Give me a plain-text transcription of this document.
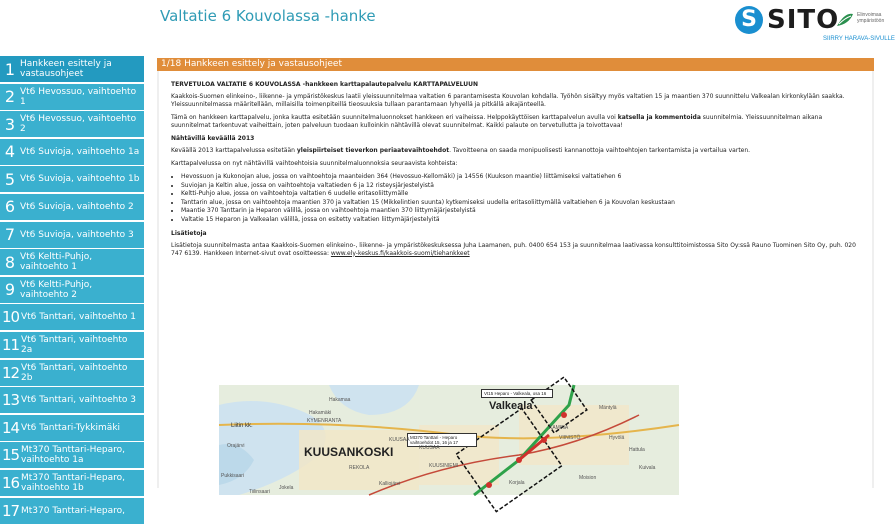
Valtatie 6 Kouvolassa -hanke	S SITO	Elinvoimaa ympäristöön
SIIRRY HARAVA-SIVULLE
1 Hankkeen esittely ja vastausohjeet
2 Vt6 Hevossuo, vaihtoehto 1
3 Vt6 Hevossuo, vaihtoehto 2
4 Vt6 Suvioja, vaihtoehto 1a
5 Vt6 Suvioja, vaihtoehto 1b
6 Vt6 Suvioja, vaihtoehto 2
7 Vt6 Suvioja, vaihtoehto 3
8 Vt6 Keltti-Puhjo, vaihtoehto 1
9 Vt6 Keltti-Puhjo, vaihtoehto 2
10 Vt6 Tanttari, vaihtoehto 1
11 Vt6 Tanttari, vaihtoehto 2a
12 Vt6 Tanttari, vaihtoehto 2b
13 Vt6 Tanttari, vaihtoehto 3
14 Vt6 Tanttari-Tykkimäki
15 Mt370 Tanttari-Heparo, vaihtoehto 1a
16 Mt370 Tanttari-Heparo, vaihtoehto 1b
17 Mt370 Tanttari-Heparo,
1/18 Hankkeen esittely ja vastausohjeet
TERVETULOA VALTATIE 6 KOUVOLASSA -hankkeen karttapalautepalvelu KARTTAPALVELUUN

Kaakkois-Suomen elinkeino-, liikenne- ja ympäristökeskus laatii yleissuunnitelmaa valtatien 6 parantamisesta Kouvolan kohdalla. Työhön sisältyy myös valtatien 15 ja maantien 370 suunnittelu Valkealan kirkonkylään saakka. Yleissuunnitelmassa määritellään, millaisilla toimenpiteillä tieosuuksia tullaan parantamaan lyhyellä ja pitkällä aikajänteellä.

Tämä on hankkeen karttapalvelu, jonka kautta esitetään suunnitelmaluonnokset hankkeen eri vaiheissa. Helppokäyttöisen karttapalvelun avulla voi katsella ja kommentoida suunnitelmia. Yleissuunnitelman aikana suunnitelmat tarkentuvat vaiheittain, joten palveluun tuodaan kulloinkin nähtävillä olevat suunnitelmat. Kaikki palaute on tervetullutta ja toivottavaa!

Nähtävillä keväällä 2013

Keväällä 2013 karttapalvelussa esitetään yleispiirteiset tieverkon periaatevaihtoehdot. Tavoitteena on saada monipuolisesti kannanottoja vaihtoehtojen tarkentamista ja vertailua varten.

Karttapalvelussa on nyt nähtävillä vaihtoehtoisia suunnitelmaluonnoksia seuraavista kohteista:

• Hevossuon ja Kukonojan alue, jossa on vaihtoehtoja maanteiden 364 (Hevossuo-Kellomäki) ja 14556 (Kuukson maantie) liittämiseksi valtatiehen 6
• Suviojan ja Keltin alue, jossa on vaihtoehtoja valtatieden 6 ja 12 risteysjärjestelyistä
• Keltti-Puhjo alue, jossa on vaihtoehtoja valtatien 6 uudelle eritasoliittymälle
• Tanttarin alue, jossa on vaihtoehtoja maantien 370 ja valtatien 15 (Mikkelintien suunta) kytkemiseksi uudella eritasoliittymällä valtatiehen 6 ja Kouvolan keskustaan
• Maantie 370 Tanttarin ja Heparon välillä, jossa on vaihtoehtoja maantien 370 liittymäjärjestelyistä
• Valtatie 15 Heparon ja Valkealan välillä, jossa on esitetty valtatien liittymäjärjestelyitä
Lisätietoja

Lisätietoja suunnitelmasta antaa Kaakkois-Suomen elinkeino-, liikenne- ja ympäristökeskuksessa Juha Laamanen, puh. 0400 654 153 ja suunnitelmaa laativassa konsulttitoimistossa Sito Oy:ssä Rauno Tuominen Sito Oy, puh. 020 747 6139. Hankkeen Internet-sivut ovat osoitteessa: www.ely-keskus.fi/kaakkois-suomi/tiehankkeet

KUUSANKOSKI
Valkeala
Liitin kk.
Vt15 Heparo - Valkeala, osa 16
Mt370 Tanttari - Heparo vaihtoehdot 15, 16 ja 17
Hakamäki
KYMENRANTA
KUUSAA
REKOLA	KUUSINIEMI
Pukkisaari
Orajärvi
Hakamaa
Jokela
Kalliojärvi
KAMINA
VIINISTÖ
KUUSAA
Hyvölä
Hattula
Kuivala
Moision
Korjala
Mäntylä
Tiilinsaari
